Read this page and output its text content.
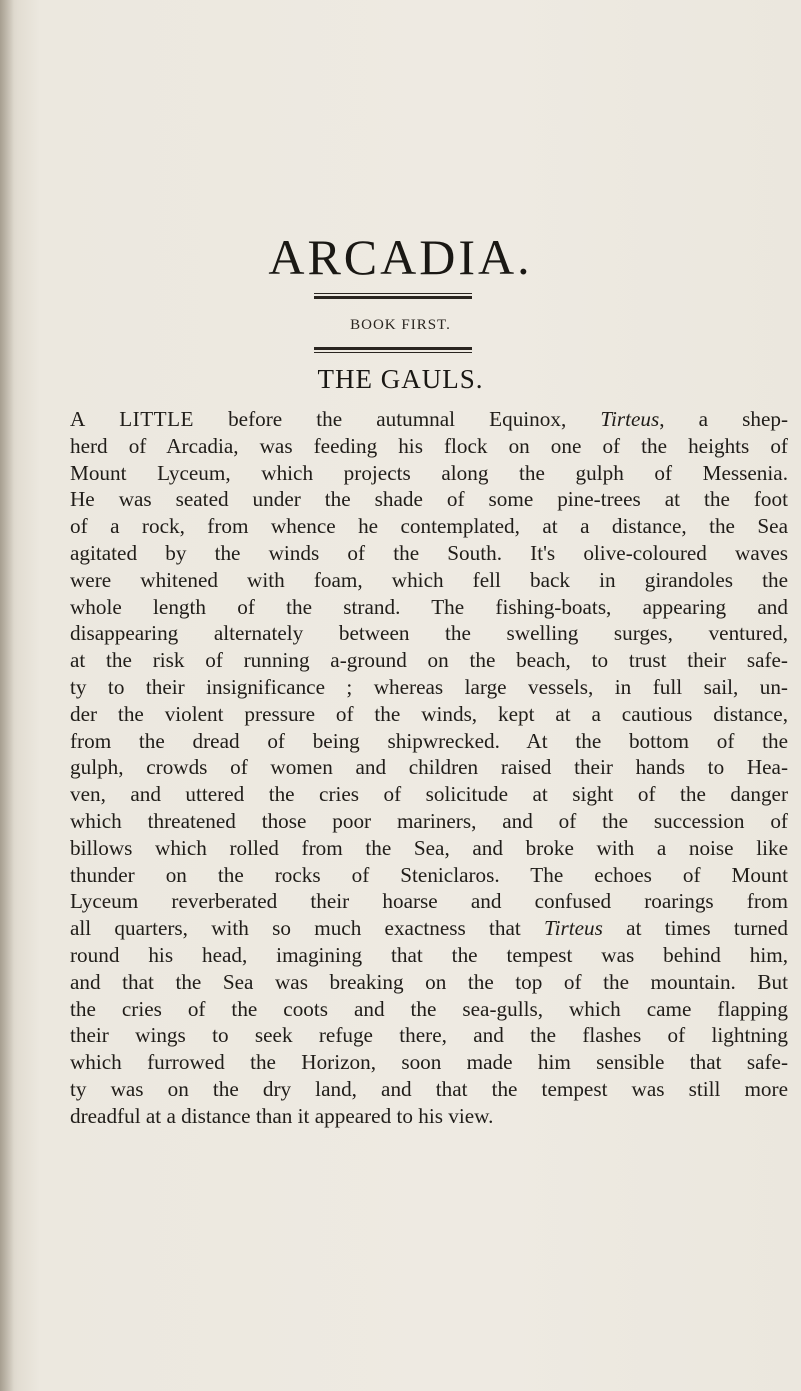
ARCADIA.
BOOK FIRST.
THE GAULS.
A LITTLE before the autumnal Equinox, Tirteus, a shep-
herd of Arcadia, was feeding his flock on one of the heights of
Mount Lyceum, which projects along the gulph of Messenia.
He was seated under the shade of some pine-trees at the foot
of a rock, from whence he contemplated, at a distance, the Sea
agitated by the winds of the South. It's olive-coloured waves
were whitened with foam, which fell back in girandoles the
whole length of the strand. The fishing-boats, appearing and
disappearing alternately between the swelling surges, ventured,
at the risk of running a-ground on the beach, to trust their safe-
ty to their insignificance ; whereas large vessels, in full sail, un-
der the violent pressure of the winds, kept at a cautious distance,
from the dread of being shipwrecked. At the bottom of the
gulph, crowds of women and children raised their hands to Hea-
ven, and uttered the cries of solicitude at sight of the danger
which threatened those poor mariners, and of the succession of
billows which rolled from the Sea, and broke with a noise like
thunder on the rocks of Steniclaros. The echoes of Mount
Lyceum reverberated their hoarse and confused roarings from
all quarters, with so much exactness that Tirteus at times turned
round his head, imagining that the tempest was behind him,
and that the Sea was breaking on the top of the mountain. But
the cries of the coots and the sea-gulls, which came flapping
their wings to seek refuge there, and the flashes of lightning
which furrowed the Horizon, soon made him sensible that safe-
ty was on the dry land, and that the tempest was still more
dreadful at a distance than it appeared to his view.
